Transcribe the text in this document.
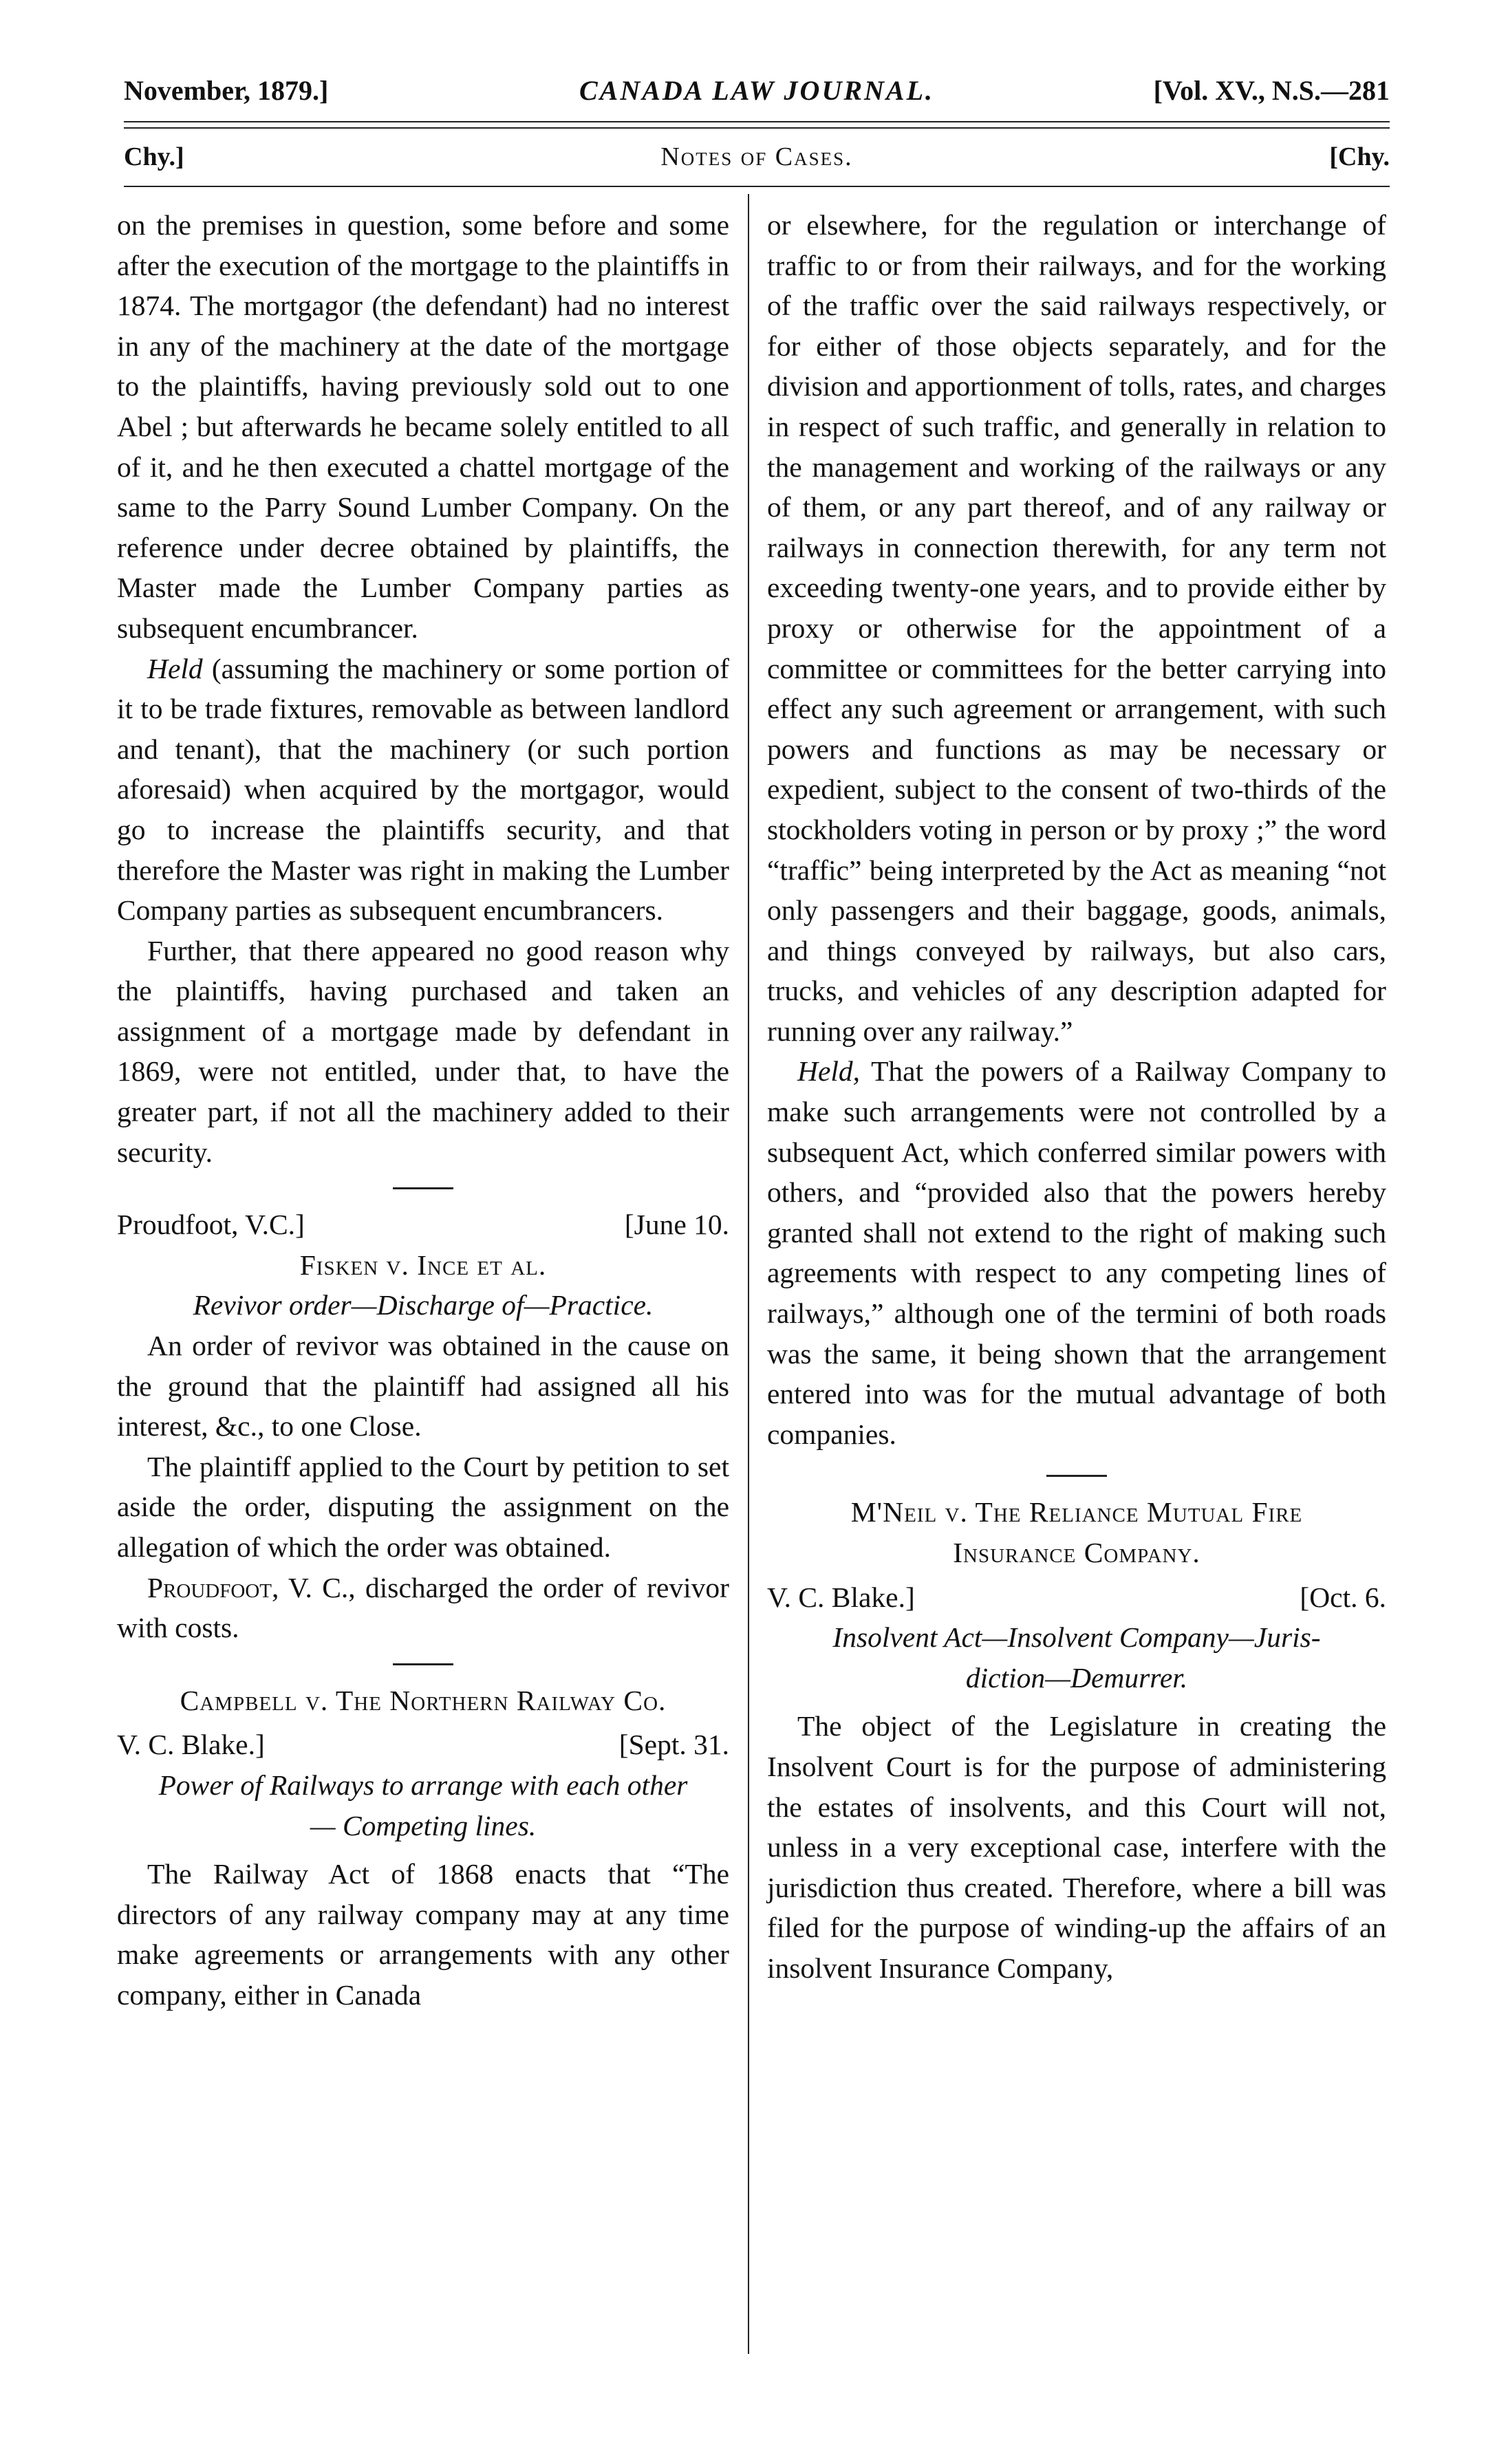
November, 1879.]	CANADA LAW JOURNAL.	[Vol. XV., N.S.—281
Chy.]	Notes of Cases.	[Chy.

on the premises in question, some before and some after the execution of the mortgage to the plaintiffs in 1874. The mortgagor (the defendant) had no interest in any of the machinery at the date of the mortgage to the plaintiffs, having previously sold out to one Abel ; but afterwards he became solely entitled to all of it, and he then executed a chattel mortgage of the same to the Parry Sound Lumber Company. On the reference under decree obtained by plaintiffs, the Master made the Lumber Company parties as subsequent encumbrancer.

Held (assuming the machinery or some portion of it to be trade fixtures, removable as between landlord and tenant), that the machinery (or such portion aforesaid) when acquired by the mortgagor, would go to increase the plaintiffs security, and that therefore the Master was right in making the Lumber Company parties as subsequent encumbrancers.

Further, that there appeared no good reason why the plaintiffs, having purchased and taken an assignment of a mortgage made by defendant in 1869, were not entitled, under that, to have the greater part, if not all the machinery added to their security.

Proudfoot, V.C.]	[June 10.

Fisken v. Ince et al.

Revivor order—Discharge of—Practice.

An order of revivor was obtained in the cause on the ground that the plaintiff had assigned all his interest, &c., to one Close.

The plaintiff applied to the Court by petition to set aside the order, disputing the assignment on the allegation of which the order was obtained.

Proudfoot, V. C., discharged the order of revivor with costs.

Campbell v. The Northern Railway Co.

V. C. Blake.]	[Sept. 31.

Power of Railways to arrange with each other

— Competing lines.

The Railway Act of 1868 enacts that “The directors of any railway company may at any time make agreements or arrangements with any other company, either in Canada

or elsewhere, for the regulation or interchange of traffic to or from their railways, and for the working of the traffic over the said railways respectively, or for either of those objects separately, and for the division and apportionment of tolls, rates, and charges in respect of such traffic, and generally in relation to the management and working of the railways or any of them, or any part thereof, and of any railway or railways in connection therewith, for any term not exceeding twenty-one years, and to provide either by proxy or otherwise for the appointment of a committee or committees for the better carrying into effect any such agreement or arrangement, with such powers and functions as may be necessary or expedient, subject to the consent of two-thirds of the stockholders voting in person or by proxy ;” the word “traffic” being interpreted by the Act as meaning “not only passengers and their baggage, goods, animals, and things conveyed by railways, but also cars, trucks, and vehicles of any description adapted for running over any railway.”

Held, That the powers of a Railway Company to make such arrangements were not controlled by a subsequent Act, which conferred similar powers with others, and “provided also that the powers hereby granted shall not extend to the right of making such agreements with respect to any competing lines of railways,” although one of the termini of both roads was the same, it being shown that the arrangement entered into was for the mutual advantage of both companies.

M'Neil v. The Reliance Mutual Fire

Insurance Company.

V. C. Blake.]	[Oct. 6.

Insolvent Act—Insolvent Company—Juris-

diction—Demurrer.

The object of the Legislature in creating the Insolvent Court is for the purpose of administering the estates of insolvents, and this Court will not, unless in a very exceptional case, interfere with the jurisdiction thus created. Therefore, where a bill was filed for the purpose of winding-up the affairs of an insolvent Insurance Company,
